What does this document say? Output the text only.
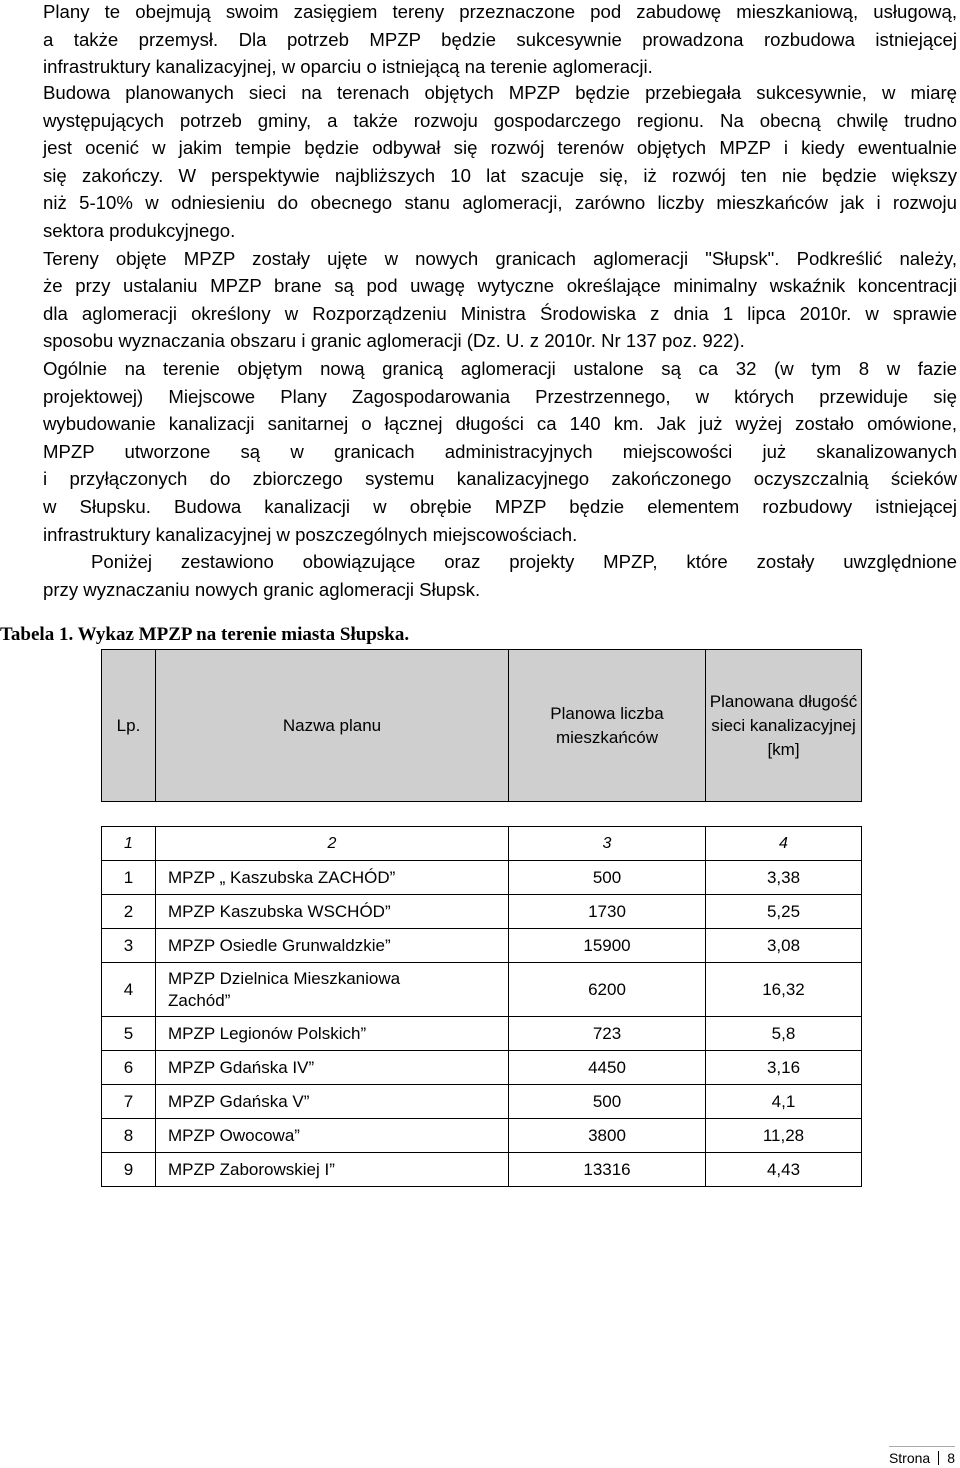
Plany te obejmują swoim zasięgiem tereny przeznaczone pod zabudowę mieszkaniową, usługową,
a także przemysł. Dla potrzeb MPZP będzie sukcesywnie prowadzona rozbudowa istniejącej
infrastruktury kanalizacyjnej, w oparciu o istniejącą na terenie aglomeracji.
Budowa planowanych sieci na terenach objętych MPZP będzie przebiegała sukcesywnie, w miarę
występujących potrzeb gminy, a także rozwoju gospodarczego regionu. Na obecną chwilę trudno
jest ocenić w jakim tempie będzie odbywał się rozwój terenów objętych MPZP i kiedy ewentualnie
się zakończy. W perspektywie najbliższych 10 lat szacuje się, iż rozwój ten nie będzie większy
niż 5-10% w odniesieniu do obecnego stanu aglomeracji, zarówno liczby mieszkańców jak i rozwoju
sektora produkcyjnego.
Tereny objęte MPZP zostały ujęte w nowych granicach aglomeracji "Słupsk". Podkreślić należy,
że przy ustalaniu MPZP brane są pod uwagę wytyczne określające minimalny wskaźnik koncentracji
dla aglomeracji określony w Rozporządzeniu Ministra Środowiska z dnia 1 lipca 2010r. w sprawie
sposobu wyznaczania obszaru i granic aglomeracji (Dz. U. z 2010r. Nr 137 poz. 922).
Ogólnie na terenie objętym nową granicą aglomeracji ustalone są ca 32 (w tym 8 w fazie
projektowej) Miejscowe Plany Zagospodarowania Przestrzennego, w których przewiduje się
wybudowanie kanalizacji sanitarnej o łącznej długości ca 140 km. Jak już wyżej zostało omówione,
MPZP utworzone są w granicach administracyjnych miejscowości już skanalizowanych
i przyłączonych do zbiorczego systemu kanalizacyjnego zakończonego oczyszczalnią ścieków
w Słupsku. Budowa kanalizacji w obrębie MPZP będzie elementem rozbudowy istniejącej
infrastruktury kanalizacyjnej w poszczególnych miejscowościach.
Poniżej zestawiono obowiązujące oraz projekty MPZP, które zostały uwzględnione
przy wyznaczaniu nowych granic aglomeracji Słupsk.
Tabela 1. Wykaz MPZP na terenie miasta Słupska.
Lp.	Nazwa planu	Planowa liczba mieszkańców	Planowana długość sieci kanalizacyjnej [km]

1	2	3	4
1	MPZP „ Kaszubska ZACHÓD”	500	3,38
2	MPZP Kaszubska WSCHÓD”	1730	5,25
3	MPZP Osiedle Grunwaldzkie”	15900	3,08
4	MPZP Dzielnica Mieszkaniowa Zachód”	6200	16,32
5	MPZP Legionów Polskich”	723	5,8
6	MPZP Gdańska IV”	4450	3,16
7	MPZP Gdańska V”	500	4,1
8	MPZP Owocowa”	3800	11,28
9	MPZP Zaborowskiej I”	13316	4,43
Strona 8
